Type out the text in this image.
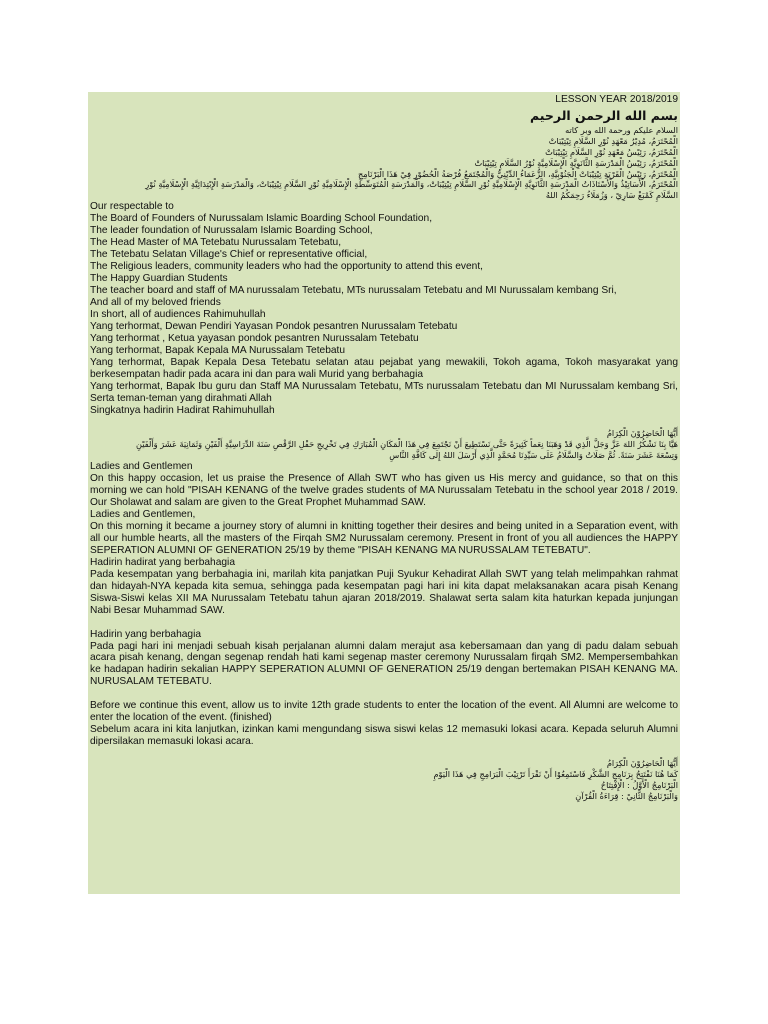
LESSON YEAR 2018/2019

بسم الله الرحمن الرحيم

السلام عليكم ورحمة الله وبر كاته

الْمُحْتَرَمُ، مُدِيْرُ مَعْهَدِ نُوْرِ السَّلَامِ تِيْتِيْبَاتْ

الْمُحْتَرَمُ، رَئِيْسُ مَعْهَدِ نُوْرِ السَّلَامِ تِيْتِيْبَاتْ

الْمُحْتَرَمُ، رَئِيْسُ الْمَدْرَسَةِ الثَّانَوِيَّةِ الْإِسْلَامِيَّةِ نُوْرُ السَّلَامِ تِيْتِيْبَاتْ

الْمُحْتَرَمُ، رَئِيْسُ الْقَرْيَةِ تِيْتِيْبَاتْ الْجَنُوْبِيَّةِ، الزُّعَمَاءُ الدِّيْنِيُّ وَالْمُجْتَمَعُ فُرْصَةُ الْحُضُوْرِ فِيْ هَذَا الْبَرْنَامِجِ

الْمُحْتَرَمُ، الْأَسَاتِيْذُ وَالْأُسْتَاذَاتُ الْمَدْرَسَةِ الثَّانَوِيَّةِ الْإِسْلَامِيَّةِ نُوْرِ السَّلَامِ تِيْتِيْبَاتْ، وَالْمَدْرَسَةِ الْمُتَوَسِّطَةِ الْإِسْلَامِيَّةِ نُوْرِ السَّلَامِ تِيْتِيْبَاتْ، وَالْمَدْرَسَةِ الْإِبْتِدَائِيَّةِ الْإِسْلَامِيَّةِ نُوْرِ

السَّلَامِ كَمْبَغْ سَارِيْ ، وَزُمَلَاءُ رَحِمَكُمُ اللهُ

Our respectable to

The Board of Founders of Nurussalam Islamic Boarding School Foundation,

The leader foundation of Nurussalam Islamic Boarding School,

The Head Master of MA Tetebatu Nurussalam Tetebatu,

The Tetebatu Selatan Village's Chief or representative official,

The Religious leaders, community leaders who had the opportunity to attend this event,

The Happy Guardian Students

The teacher board and staff of MA nurussalam Tetebatu, MTs nurussalam Tetebatu and MI Nurussalam kembang Sri,

And all of my beloved friends

In short, all of audiences Rahimuhullah

Yang terhormat, Dewan Pendiri Yayasan Pondok pesantren Nurussalam Tetebatu

Yang terhormat , Ketua yayasan pondok pesantren Nurussalam Tetebatu

Yang terhormat, Bapak Kepala MA Nurussalam Tetebatu

Yang terhormat, Bapak Kepala Desa Tetebatu selatan atau pejabat yang mewakili, Tokoh agama, Tokoh masyarakat yang berkesempatan hadir pada acara ini dan para wali Murid yang berbahagia

Yang terhormat, Bapak Ibu guru dan Staff MA Nurussalam Tetebatu, MTs nurussalam Tetebatu dan MI Nurussalam kembang Sri, Serta teman-teman yang dirahmati Allah

Singkatnya hadirin Hadirat Rahimuhullah

أَيُّهَا الْحَاضِرُوْنَ الْكِرَامُ

هَيَّا بِنَا نَشْكُرُ اللهَ عَزَّ وَجَلَّ الَّذِي قَدْ وَهَبَنَا نِعَماً كَثِيرَةً حَتَّى نَسْتَطِيعَ أَنْ نَجْتَمِعَ فِي هَذَا الْمَكَانِ الْمُبَارَكِ فِي تَخْرِيجِ حَفْلِ الرَّقْصِ سَنَةَ الدِّرَاسِيَّةِ أَلْفَيْنِ وَثَمَانِيَةَ عَشَرَ وَأَلْفَيْنِ

وَتِسْعَةَ عَشَرَ سَنَةً. ثُمَّ صَلَاتُ وَالسَّلَامُ عَلَى سَيِّدِنَا مُحَمَّدٍ الَّذِي أَرْسَلَ اللهُ إِلَى كَافَّةِ النَّاسِ

Ladies and Gentlemen

On this happy occasion, let us praise the Presence of Allah SWT who has given us His mercy and guidance, so that on this morning we can hold "PISAH KENANG of the twelve grades students of MA Nurussalam Tetebatu in the school year 2018 / 2019. Our Sholawat and salam are given to the Great Prophet Muhammad SAW.

Ladies and Gentlemen,

On this morning it became a journey story of alumni in knitting together their desires and being united in a Separation event, with all our humble hearts, all the masters of the Firqah SM2 Nurussalam ceremony. Present in front of you all audiences the HAPPY SEPERATION ALUMNI OF GENERATION 25/19 by theme "PISAH KENANG MA NURUSSALAM TETEBATU".

Hadirin hadirat yang berbahagia

Pada kesempatan yang berbahagia ini, marilah kita panjatkan Puji Syukur Kehadirat Allah SWT yang telah melimpahkan rahmat dan hidayah-NYA kepada kita semua, sehingga pada kesempatan pagi hari ini kita dapat melaksanakan acara pisah Kenang Siswa-Siswi kelas XII MA Nurussalam Tetebatu tahun ajaran 2018/2019. Shalawat serta salam kita haturkan kepada junjungan Nabi Besar Muhammad SAW.

Hadirin yang berbahagia

Pada pagi hari ini menjadi sebuah kisah perjalanan alumni dalam merajut asa kebersamaan dan yang di padu dalam sebuah acara pisah kenang, dengan segenap rendah hati kami segenap master ceremony Nurussalam firqah SM2. Mempersembahkan ke hadapan hadirin sekalian HAPPY SEPERATION ALUMNI OF GENERATION 25/19 dengan bertemakan PISAH KENANG MA. NURUSALAM TETEBATU.

Before we continue this event, allow us to invite 12th grade students to enter the location of the event. All Alumni are welcome to enter the location of the event. (finished)

Sebelum acara ini kita lanjutkan, izinkan kami mengundang siswa siswi kelas 12 memasuki lokasi acara. Kepada seluruh Alumni dipersilakan memasuki lokasi acara.

أَيُّهَا الْحَاضِرُوْنَ الْكِرَامُ

كَمَا هُنَا نَفْتَتِحُ بِرَنَامِجِ الشَّكْرِ فَاسْتَمِعُوْا أَنْ نَقْرَأَ تَرْتِيْبَ الْبَرَامِجِ فِي هَذَا الْيَوْمِ

الْبَرْنَامِجُ الْأَوَّلُ : الْإِفْتِتَاحُ

وَالْبَرْنَامِجُ الثَّانِيْ : قِرَاءَةُ الْقُرْآنِ
